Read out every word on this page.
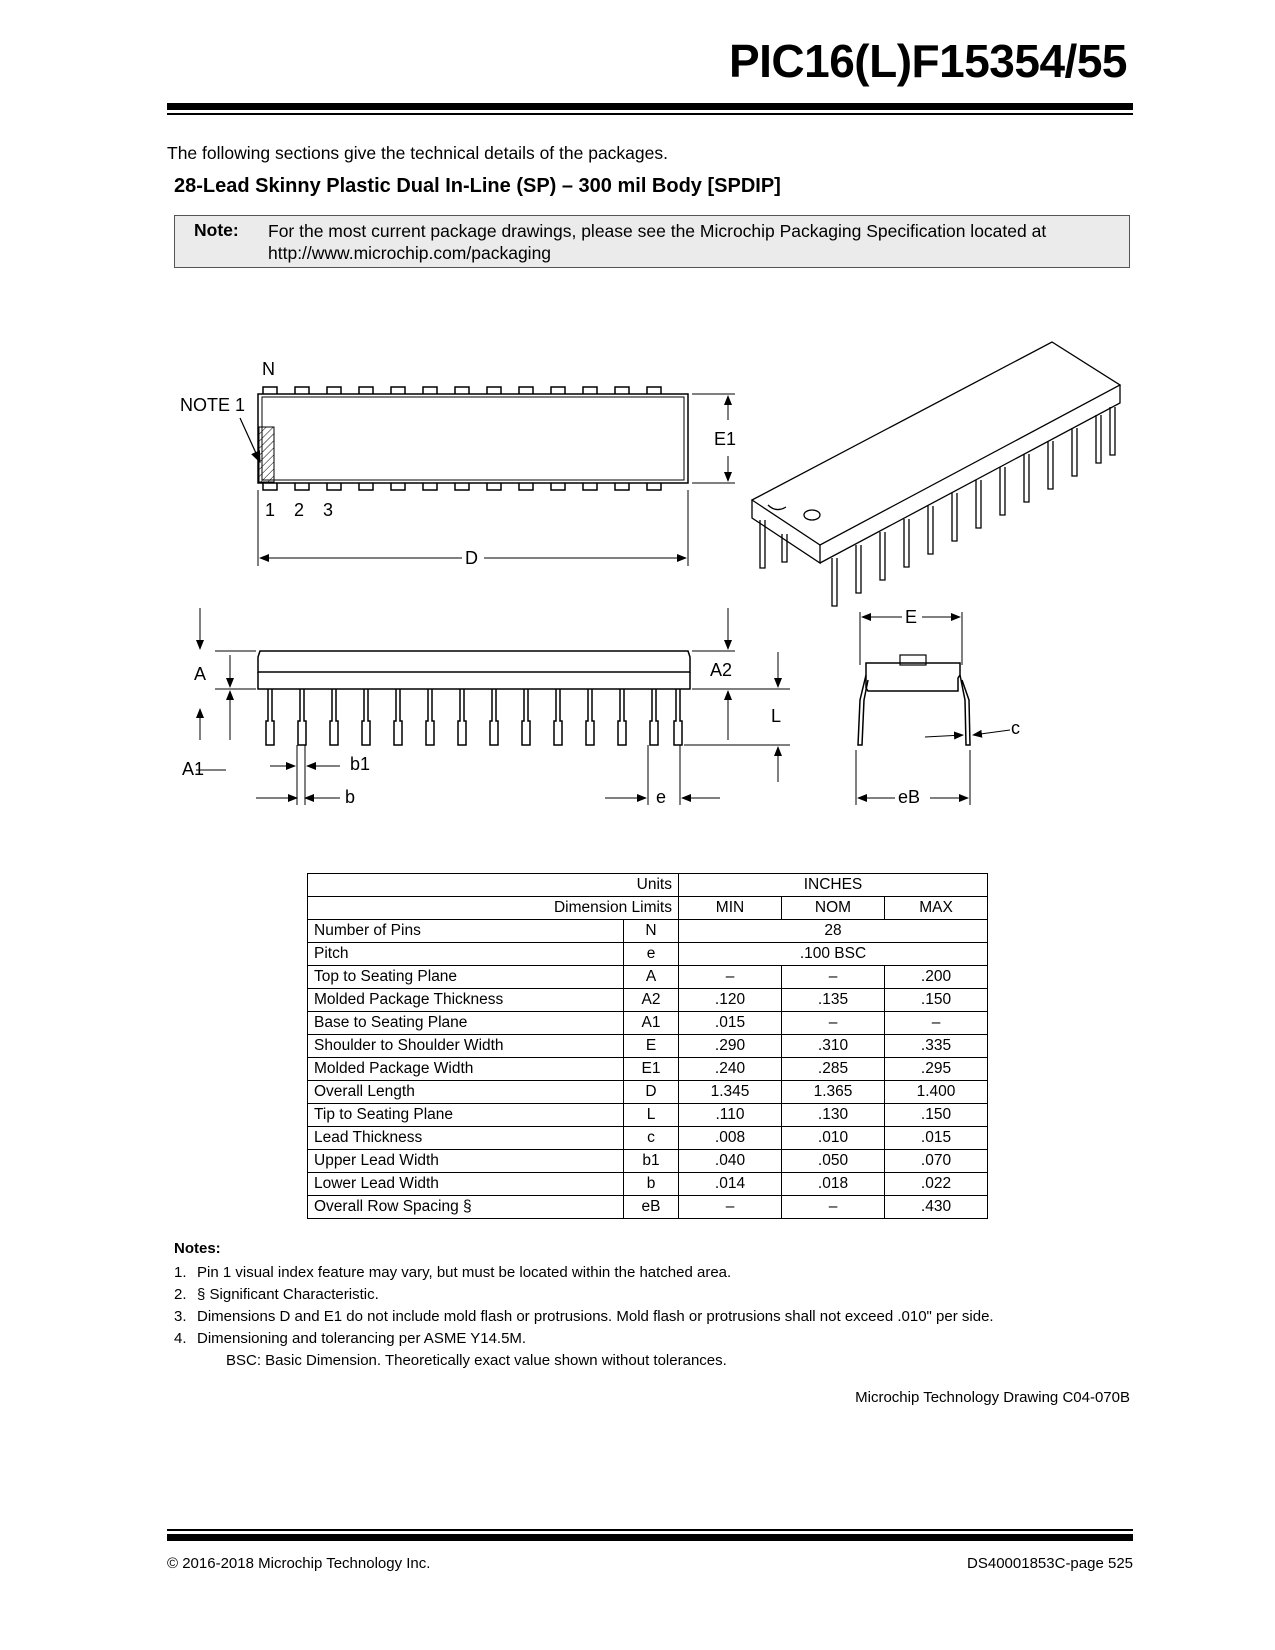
PIC16(L)F15354/55

The following sections give the technical details of the packages.

28-Lead Skinny Plastic Dual In-Line (SP) – 300 mil Body [SPDIP]
Note: For the most current package drawings, please see the Microchip Packaging Specification located at http://www.microchip.com/packaging
N
NOTE 1
E1
1 2 3
D
E
A	A2
L
c
A1	b1
b	e	eB
Units		INCHES		
Dimension Limits		MIN	NOM	MAX
Number of Pins	N	28		
Pitch	e	.100 BSC		
Top to Seating Plane	A	–	–	.200
Molded Package Thickness	A2	.120	.135	.150
Base to Seating Plane	A1	.015	–	–
Shoulder to Shoulder Width	E	.290	.310	.335
Molded Package Width	E1	.240	.285	.295
Overall Length	D	1.345	1.365	1.400
Tip to Seating Plane	L	.110	.130	.150
Lead Thickness	c	.008	.010	.015
Upper Lead Width	b1	.040	.050	.070
Lower Lead Width	b	.014	.018	.022
Overall Row Spacing §	eB	–	–	.430

Notes:

1. Pin 1 visual index feature may vary, but must be located within the hatched area.
2. § Significant Characteristic.
3. Dimensions D and E1 do not include mold flash or protrusions. Mold flash or protrusions shall not exceed .010" per side.
4. Dimensioning and tolerancing per ASME Y14.5M.

BSC: Basic Dimension. Theoretically exact value shown without tolerances.

Microchip Technology Drawing C04-070B

© 2016-2018 Microchip Technology Inc.	DS40001853C-page 525
